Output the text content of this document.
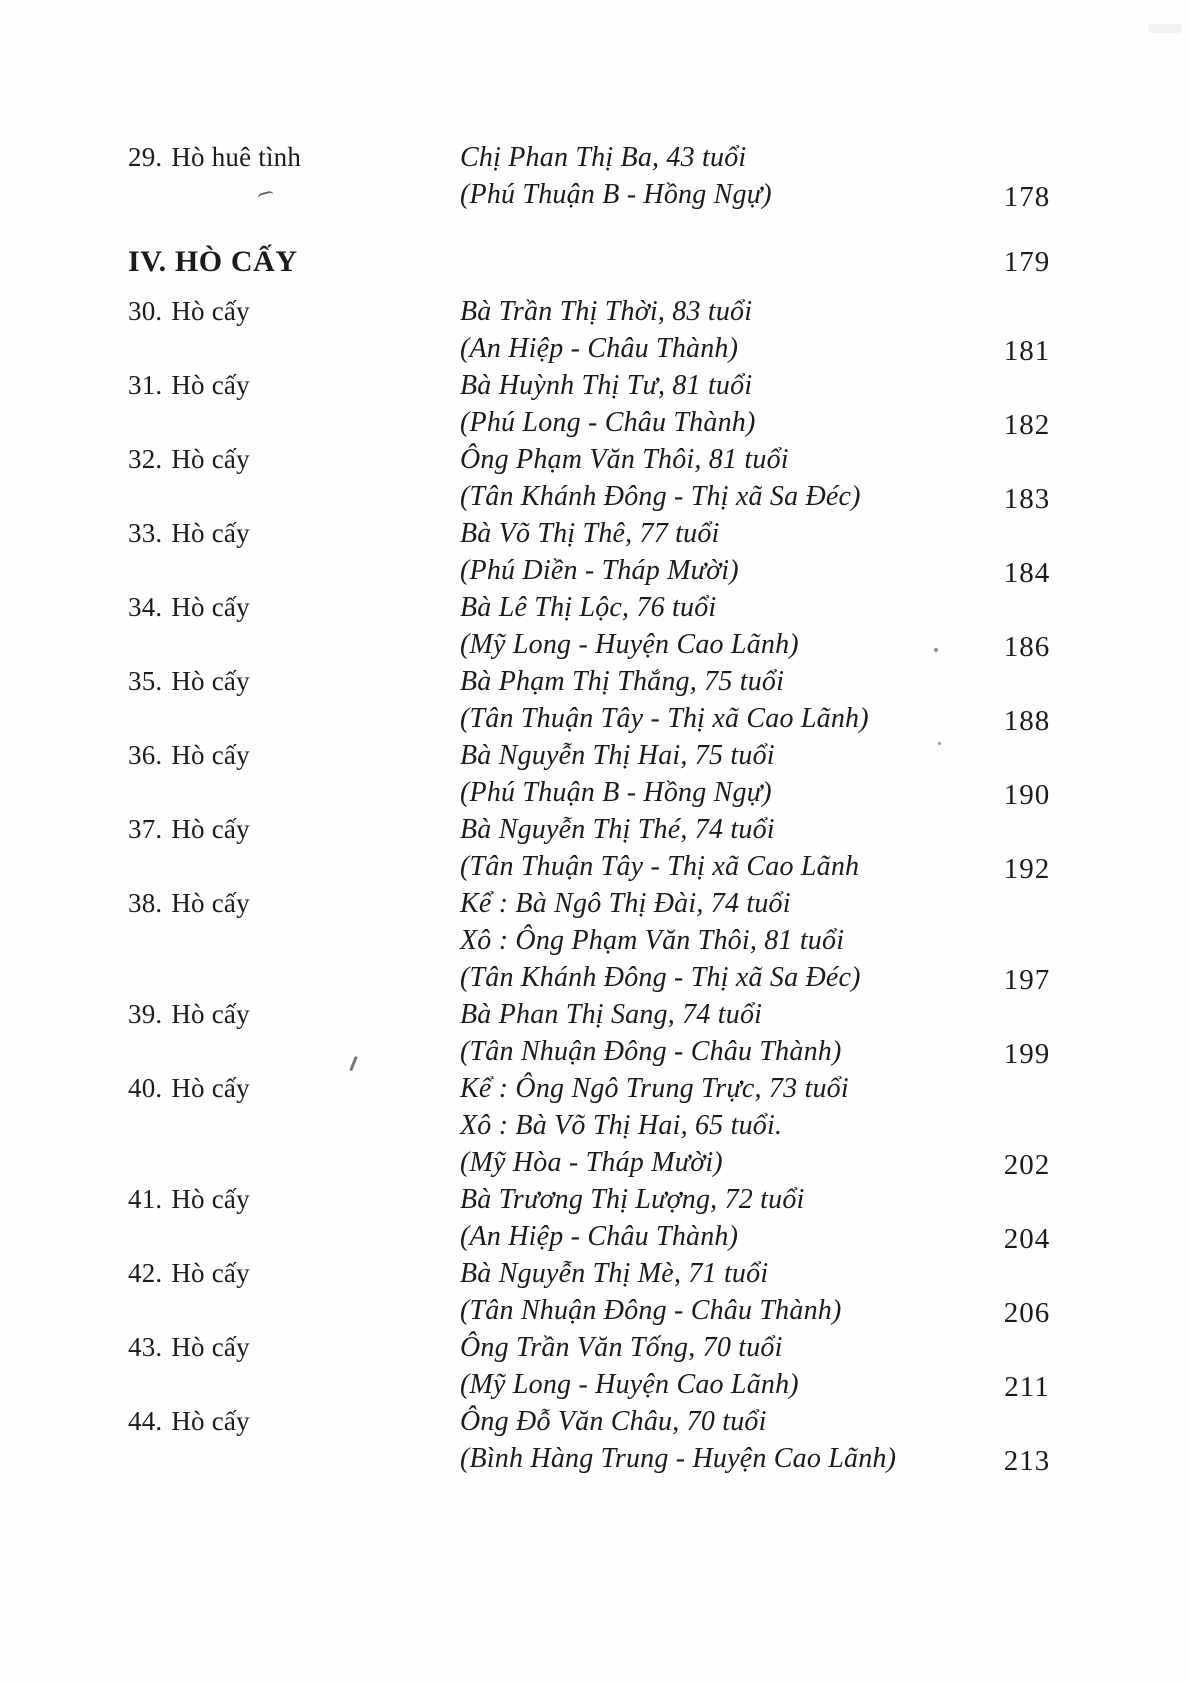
29. Hò huê tình	Chị Phan Thị Ba, 43 tuổi
(Phú Thuận B - Hồng Ngự)	178
IV. HÒ CẤY	179
30. Hò cấy	Bà Trần Thị Thời, 83 tuổi
(An Hiệp - Châu Thành)	181
31. Hò cấy	Bà Huỳnh Thị Tư, 81 tuổi
(Phú Long - Châu Thành)	182
32. Hò cấy	Ông Phạm Văn Thôi, 81 tuổi
(Tân Khánh Đông - Thị xã Sa Đéc)	183
33. Hò cấy	Bà Võ Thị Thê, 77 tuổi
(Phú Diền - Tháp Mười)	184
34. Hò cấy	Bà Lê Thị Lộc, 76 tuổi
(Mỹ Long - Huyện Cao Lãnh)	186
35. Hò cấy	Bà Phạm Thị Thắng, 75 tuổi
(Tân Thuận Tây - Thị xã Cao Lãnh)	188
36. Hò cấy	Bà Nguyễn Thị Hai, 75 tuổi
(Phú Thuận B - Hồng Ngự)	190
37. Hò cấy	Bà Nguyễn Thị Thé, 74 tuổi
(Tân Thuận Tây - Thị xã Cao Lãnh	192
38. Hò cấy	Kể : Bà Ngô Thị Đài, 74 tuổi
Xô : Ông Phạm Văn Thôi, 81 tuổi
(Tân Khánh Đông - Thị xã Sa Đéc)	197
39. Hò cấy	Bà Phan Thị Sang, 74 tuổi
(Tân Nhuận Đông - Châu Thành)	199
40. Hò cấy	Kể : Ông Ngô Trung Trực, 73 tuổi
Xô : Bà Võ Thị Hai, 65 tuổi.
(Mỹ Hòa - Tháp Mười)	202
41. Hò cấy	Bà Trương Thị Lượng, 72 tuổi
(An Hiệp - Châu Thành)	204
42. Hò cấy	Bà Nguyễn Thị Mè, 71 tuổi
(Tân Nhuận Đông - Châu Thành)	206
43. Hò cấy	Ông Trần Văn Tống, 70 tuổi
(Mỹ Long - Huyện Cao Lãnh)	211
44. Hò cấy	Ông Đỗ Văn Châu, 70 tuổi
(Bình Hàng Trung - Huyện Cao Lãnh)	213
